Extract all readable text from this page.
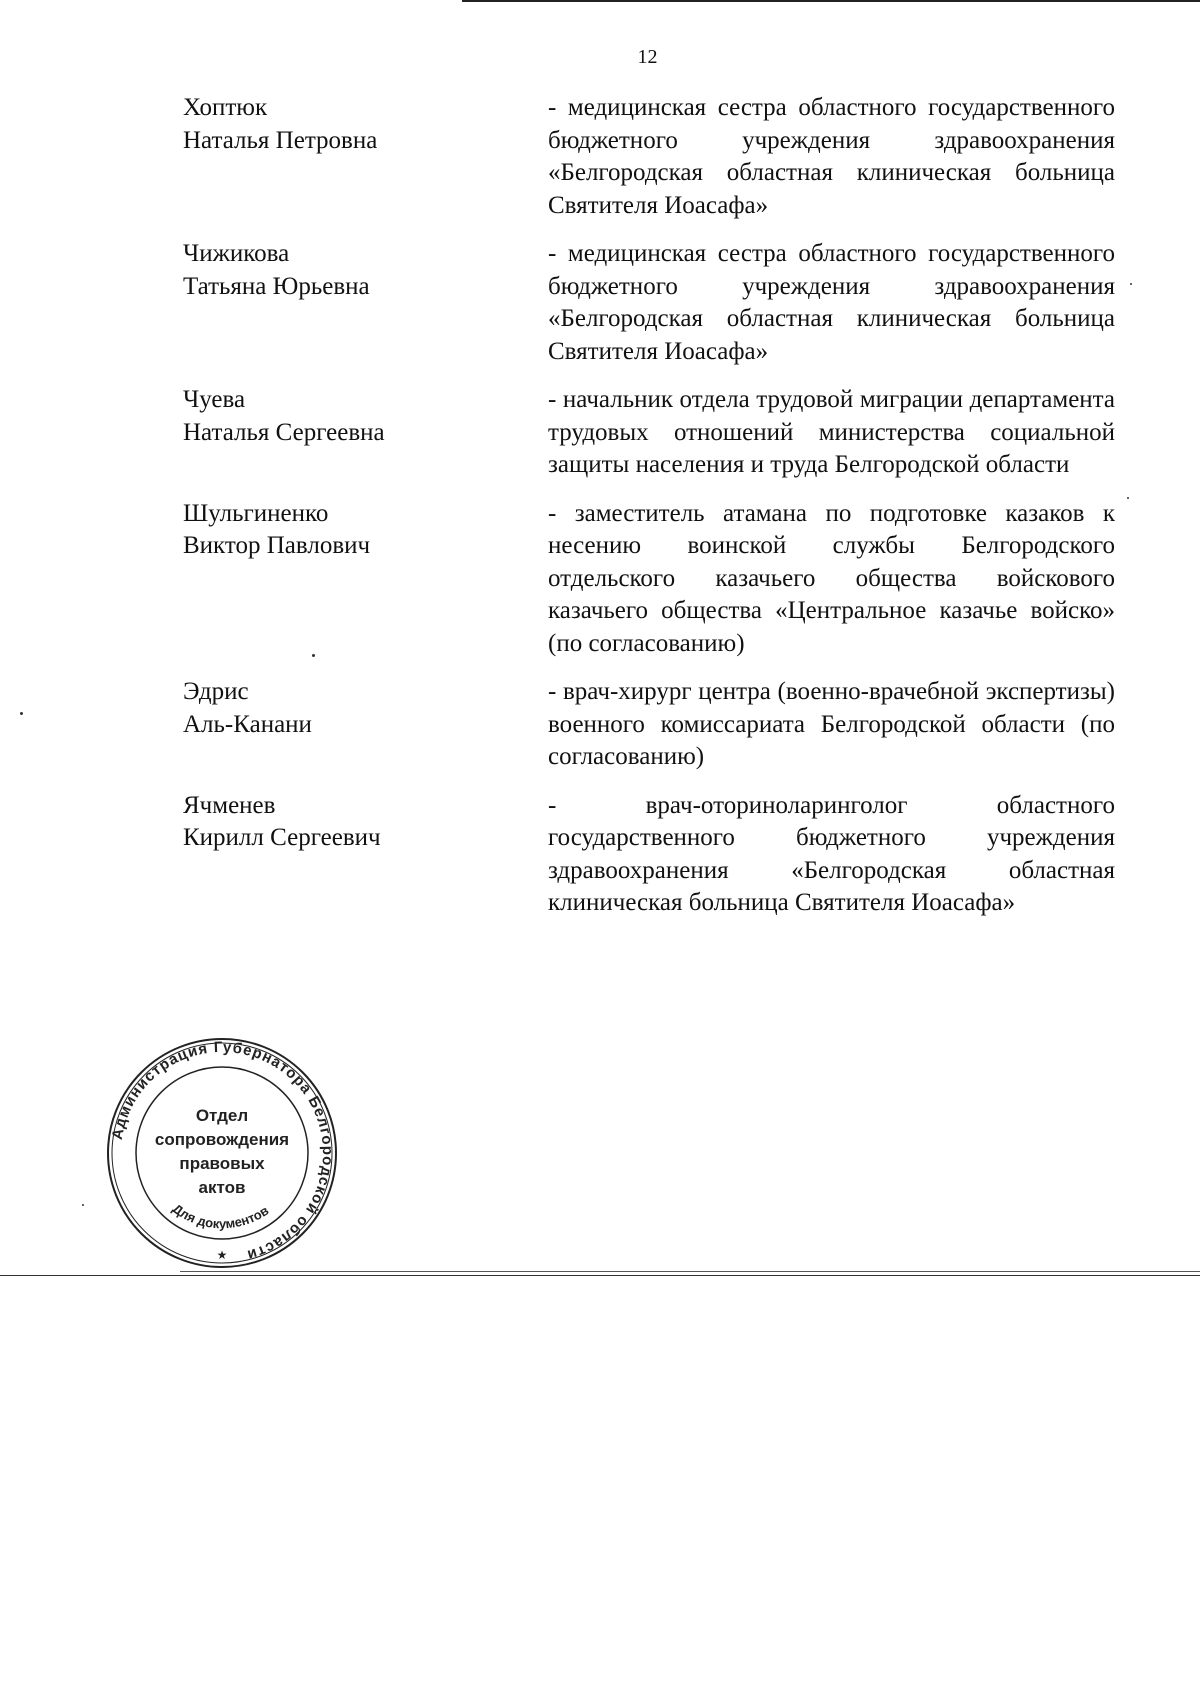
12
Хоптюк
Наталья Петровна
- медицинская сестра областного государственного бюджетного учреждения здравоохранения «Белгородская областная клиническая больница Святителя Иоасафа»
Чижикова
Татьяна Юрьевна
- медицинская сестра областного государственного бюджетного учреждения здравоохранения «Белгородская областная клиническая больница Святителя Иоасафа»
Чуева
Наталья Сергеевна
- начальник отдела трудовой миграции департамента трудовых отношений министерства социальной защиты населения и труда Белгородской области
Шульгиненко
Виктор Павлович
- заместитель атамана по подготовке казаков к несению воинской службы Белгородского отдельского казачьего общества войскового казачьего общества «Центральное казачье войско» (по согласованию)
Эдрис
Аль-Канани
- врач-хирург центра (военно-врачебной экспертизы) военного комиссариата Белгородской области (по согласованию)
Ячменев
Кирилл Сергеевич
- врач-оториноларинголог областного государственного бюджетного учреждения здравоохранения «Белгородская областная клиническая больница Святителя Иоасафа»
Администрация Губернатора Белгородской области
Отдел
сопровождения
правовых
актов
Для документов
★
